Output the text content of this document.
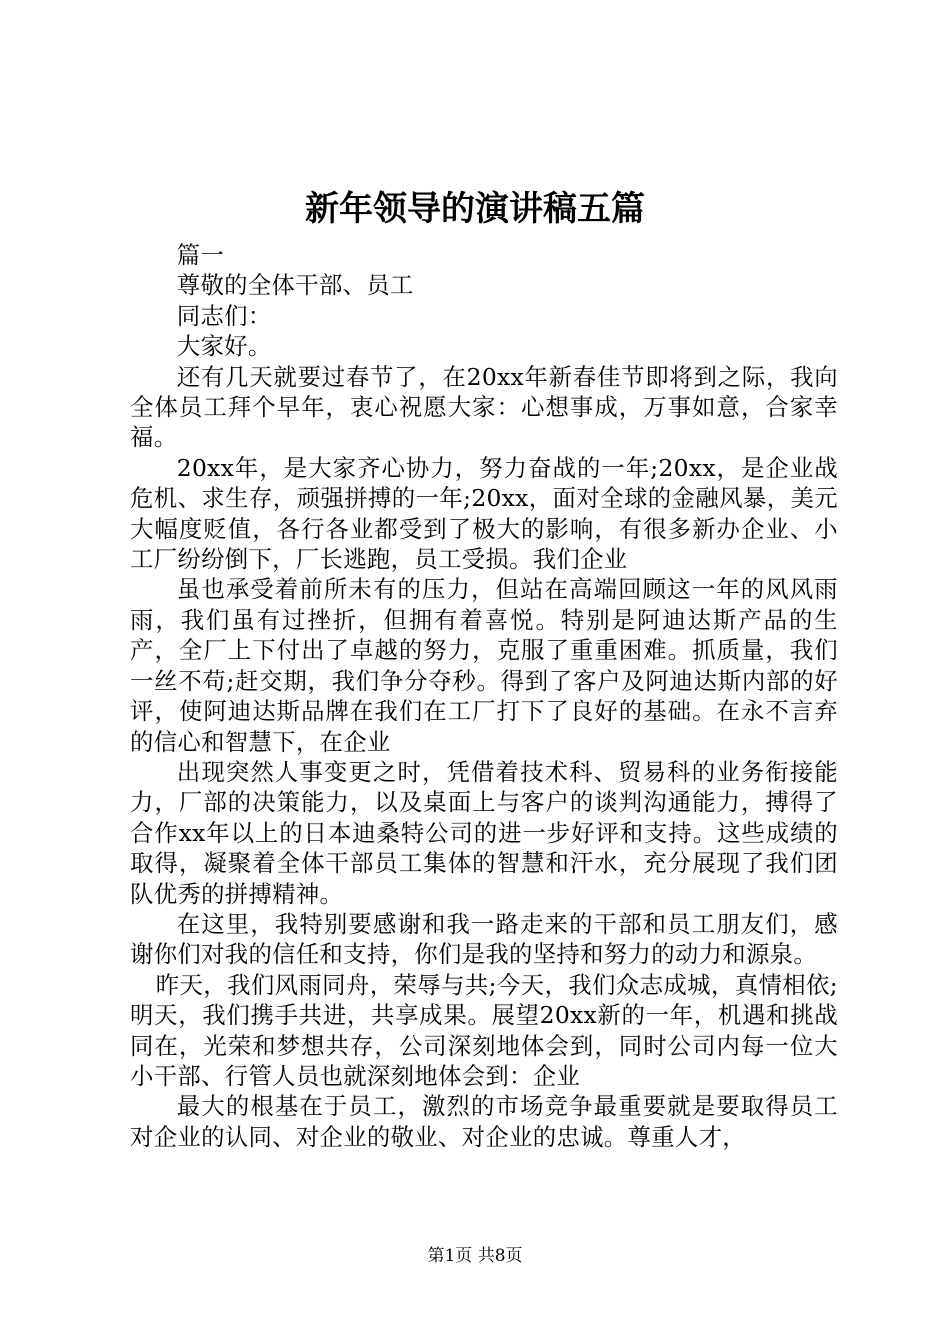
新年领导的演讲稿五篇

篇一

尊敬的全体干部、员工

同志们：

大家好。

还有几天就要过春节了，在20xx年新春佳节即将到之际，我向全体员工拜个早年，衷心祝愿大家：心想事成，万事如意，合家幸福。

20xx年，是大家齐心协力，努力奋战的一年;20xx，是企业战危机、求生存，顽强拼搏的一年;20xx，面对全球的金融风暴，美元大幅度贬值，各行各业都受到了极大的影响，有很多新办企业、小工厂纷纷倒下，厂长逃跑，员工受损。我们企业

虽也承受着前所未有的压力，但站在高端回顾这一年的风风雨雨，我们虽有过挫折，但拥有着喜悦。特别是阿迪达斯产品的生产，全厂上下付出了卓越的努力，克服了重重困难。抓质量，我们一丝不苟;赶交期，我们争分夺秒。得到了客户及阿迪达斯内部的好评，使阿迪达斯品牌在我们在工厂打下了良好的基础。在永不言弃的信心和智慧下，在企业

出现突然人事变更之时，凭借着技术科、贸易科的业务衔接能力，厂部的决策能力，以及桌面上与客户的谈判沟通能力，搏得了合作xx年以上的日本迪桑特公司的进一步好评和支持。这些成绩的取得，凝聚着全体干部员工集体的智慧和汗水，充分展现了我们团队优秀的拼搏精神。

在这里，我特别要感谢和我一路走来的干部和员工朋友们，感谢你们对我的信任和支持，你们是我的坚持和努力的动力和源泉。

昨天，我们风雨同舟，荣辱与共;今天，我们众志成城，真情相依;明天，我们携手共进，共享成果。展望20xx新的一年，机遇和挑战同在，光荣和梦想共存，公司深刻地体会到，同时公司内每一位大小干部、行管人员也就深刻地体会到：企业

最大的根基在于员工，激烈的市场竞争最重要就是要取得员工对企业的认同、对企业的敬业、对企业的忠诚。尊重人才，

第1页 共8页
